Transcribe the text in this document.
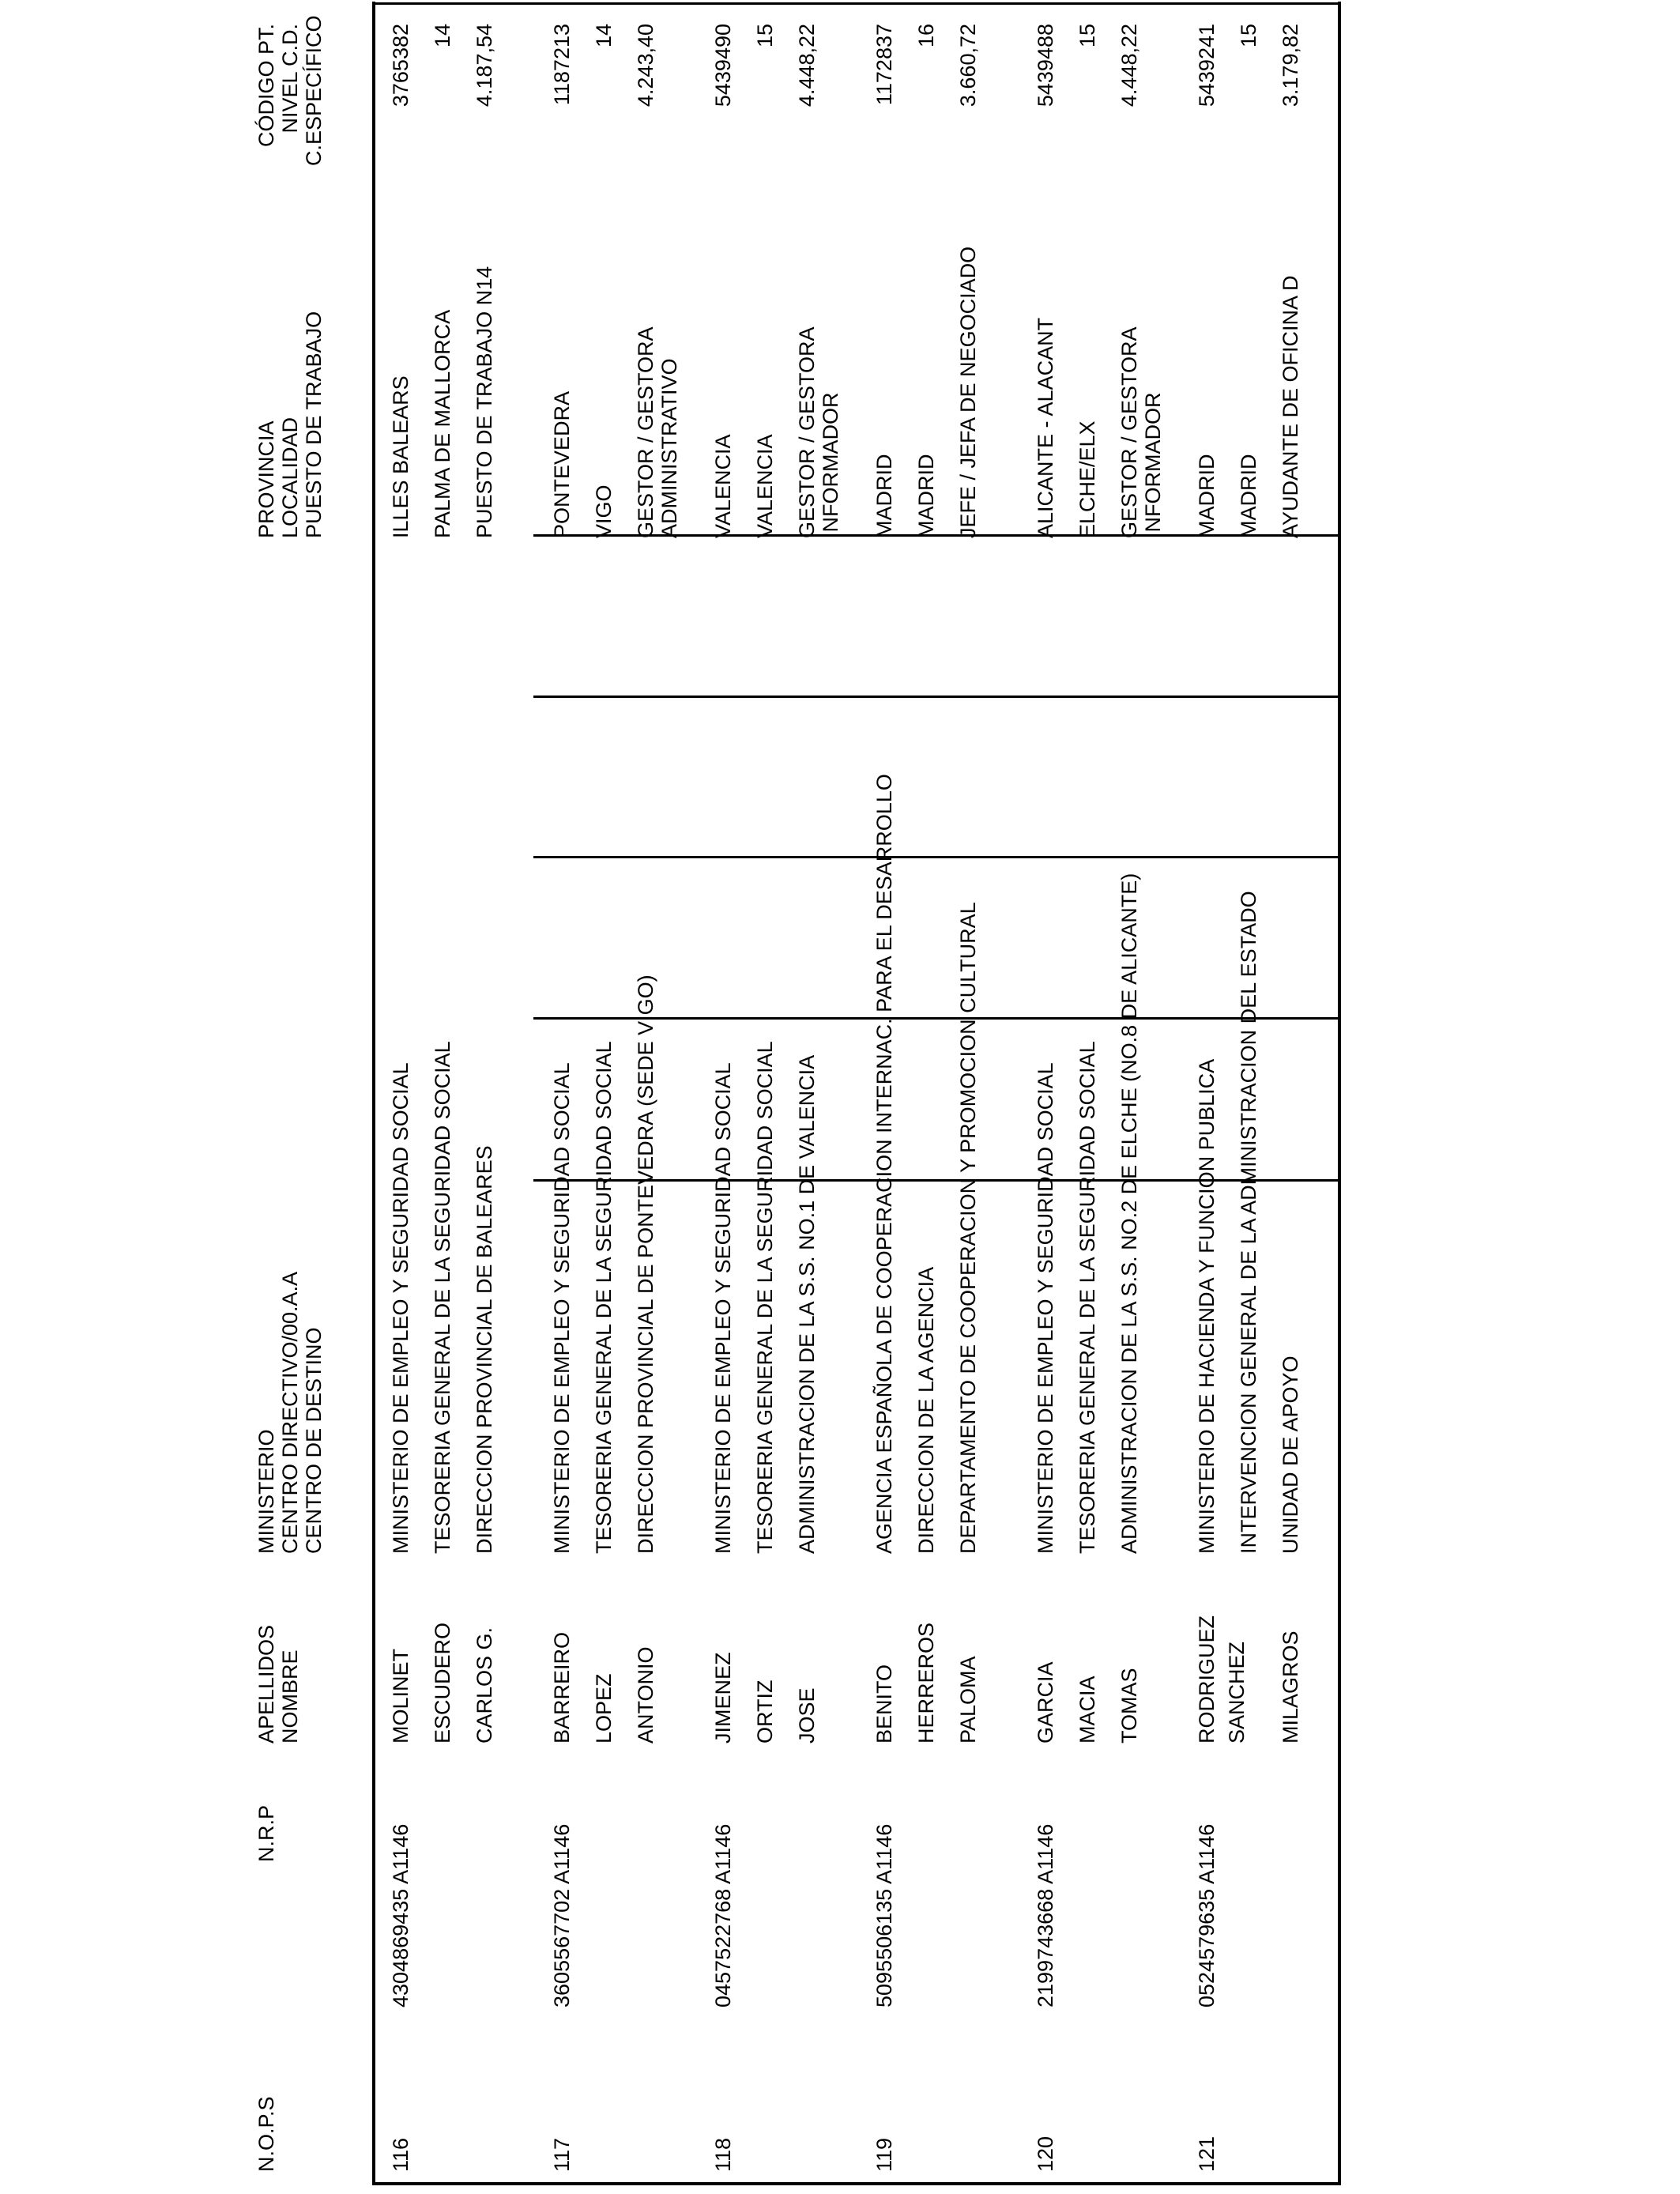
N.O.P.S
N.R.P
APELLIDOS NOMBRE
MINISTERIO CENTRO DIRECTIVO/00.A.A CENTRO DE DESTINO
PROVINCIA LOCALIDAD PUESTO DE TRABAJO
CÓDIGO PT. NIVEL C.D. C.ESPECÍFICO
116
4304869435 A1146
MOLINET ESCUDERO CARLOS G.
MINISTERIO DE EMPLEO Y SEGURIDAD SOCIAL TESORERIA GENERAL DE LA SEGURIDAD SOCIAL DIRECCION PROVINCIAL DE BALEARES
ILLES BALEARS PALMA DE MALLORCA PUESTO DE TRABAJO N14
3765382 14 4.187,54
117
3605567702 A1146
BARREIRO LOPEZ ANTONIO
MINISTERIO DE EMPLEO Y SEGURIDAD SOCIAL TESORERIA GENERAL DE LA SEGURIDAD SOCIAL DIRECCION PROVINCIAL DE PONTEVEDRA (SEDE VIGO)
PONTEVEDRA VIGO GESTOR / GESTORA ADMINISTRATIVO
1187213 14 4.243,40
118
0457522768 A1146
JIMENEZ ORTIZ JOSE
MINISTERIO DE EMPLEO Y SEGURIDAD SOCIAL TESORERIA GENERAL DE LA SEGURIDAD SOCIAL ADMINISTRACION DE LA S.S. NO.1 DE VALENCIA
VALENCIA VALENCIA GESTOR / GESTORA INFORMADOR
5439490 15 4.448,22
119
5095506135 A1146
BENITO HERREROS PALOMA
AGENCIA ESPAÑOLA DE COOPERACION INTERNAC. PARA EL DESARROLLO DIRECCION DE LA AGENCIA DEPARTAMENTO DE COOPERACION Y PROMOCION CULTURAL
MADRID MADRID JEFE / JEFA DE NEGOCIADO
1172837 16 3.660,72
120
2199743668 A1146
GARCIA MACIA TOMAS
MINISTERIO DE EMPLEO Y SEGURIDAD SOCIAL TESORERIA GENERAL DE LA SEGURIDAD SOCIAL ADMINISTRACION DE LA S.S. NO.2 DE ELCHE (NO.8 DE ALICANTE)
ALICANTE - ALACANT ELCHE/ELX GESTOR / GESTORA INFORMADOR
5439488 15 4.448,22
121
0524579635 A1146
RODRIGUEZ SANCHEZ MILAGROS
MINISTERIO DE HACIENDA Y FUNCION PUBLICA INTERVENCION GENERAL DE LA ADMINISTRACION DEL ESTADO UNIDAD DE APOYO
MADRID MADRID AYUDANTE DE OFICINA D
5439241 15 3.179,82
